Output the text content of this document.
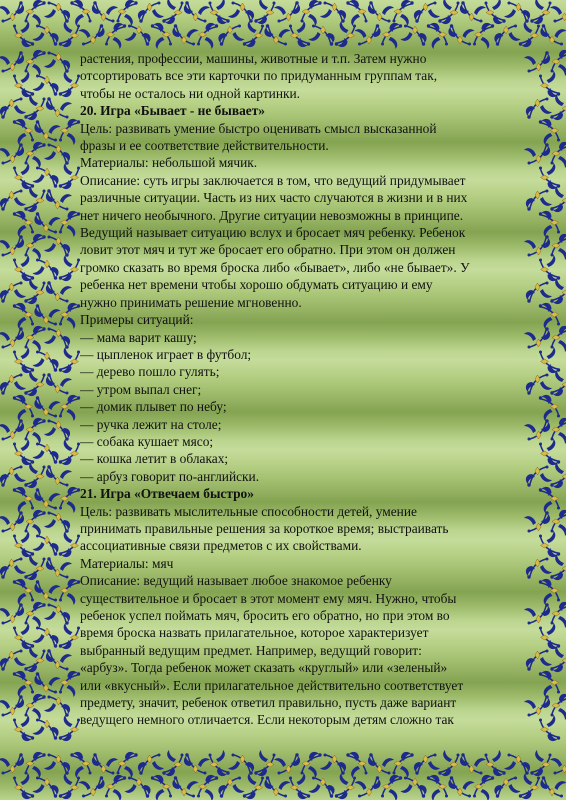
растения, профессии, машины, животные и т.п. Затем нужно

отсортировать все эти карточки по придуманным группам так,

чтобы не осталось ни одной картинки.

20. Игра «Бывает - не бывает»

Цель: развивать умение быстро оценивать смысл высказанной

фразы и ее соответствие действительности.

Материалы: небольшой мячик.

Описание: суть игры заключается в том, что ведущий придумывает

различные ситуации. Часть из них часто случаются в жизни и в них

нет ничего необычного. Другие ситуации невозможны в принципе.

Ведущий называет ситуацию вслух и бросает мяч ребенку. Ребенок

ловит этот мяч и тут же бросает его обратно. При этом он должен

громко сказать во время броска либо «бывает», либо «не бывает». У

ребенка нет времени чтобы хорошо обдумать ситуацию и ему

нужно принимать решение мгновенно.

Примеры ситуаций:

— мама варит кашу;

— цыпленок играет в футбол;

— дерево пошло гулять;

— утром выпал снег;

— домик плывет по небу;

— ручка лежит на столе;

— собака кушает мясо;

— кошка летит в облаках;

— арбуз говорит по-английски.

21. Игра «Отвечаем быстро»

Цель: развивать мыслительные способности детей, умение

принимать правильные решения за короткое время; выстраивать

ассоциативные связи предметов с их свойствами.

Материалы: мяч

Описание: ведущий называет любое знакомое ребенку

существительное и бросает в этот момент ему мяч. Нужно, чтобы

ребенок успел поймать мяч, бросить его обратно, но при этом во

время броска назвать прилагательное, которое характеризует

выбранный ведущим предмет. Например, ведущий говорит:

«арбуз». Тогда ребенок может сказать «круглый» или «зеленый»

или «вкусный». Если прилагательное действительно соответствует

предмету, значит, ребенок ответил правильно, пусть даже вариант

ведущего немного отличается. Если некоторым детям сложно так
